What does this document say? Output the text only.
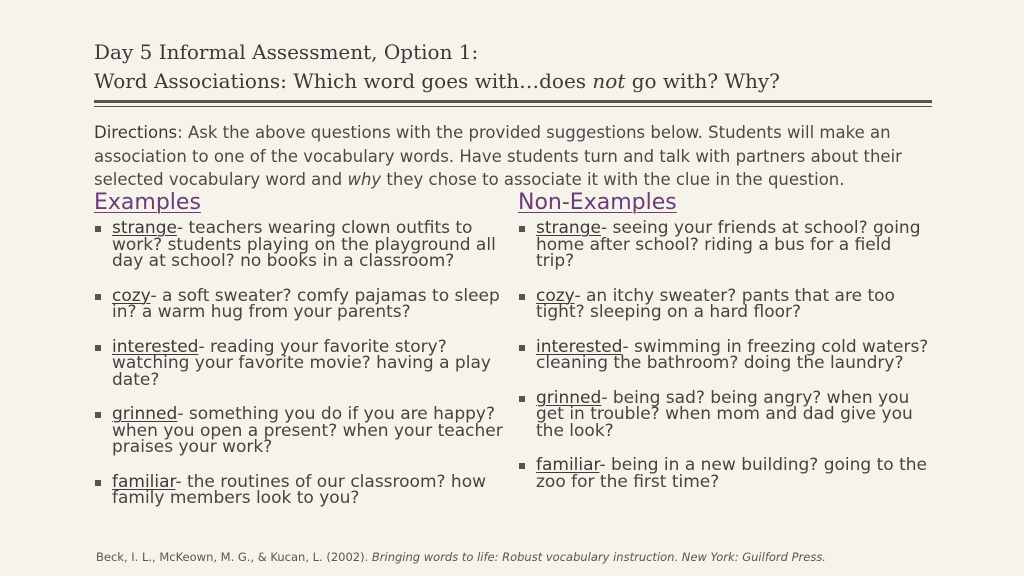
Day 5 Informal Assessment, Option 1:
Word Associations: Which word goes with…does not go with? Why?
Directions: Ask the above questions with the provided suggestions below. Students will make an association to one of the vocabulary words. Have students turn and talk with partners about their selected vocabulary word and why they chose to associate it with the clue in the question.
Examples	Non-Examples
strange- teachers wearing clown outfits to work? students playing on the playground all day at school? no books in a classroom?
cozy- a soft sweater? comfy pajamas to sleep in? a warm hug from your parents?
interested- reading your favorite story? watching your favorite movie? having a play date?
grinned- something you do if you are happy? when you open a present? when your teacher praises your work?
familiar- the routines of our classroom? how family members look to you?
strange- seeing your friends at school? going home after school? riding a bus for a field trip?
cozy- an itchy sweater? pants that are too tight? sleeping on a hard floor?
interested- swimming in freezing cold waters? cleaning the bathroom? doing the laundry?
grinned- being sad? being angry? when you get in trouble? when mom and dad give you the look?
familiar- being in a new building? going to the zoo for the first time?
Beck, I. L., McKeown, M. G., & Kucan, L. (2002). Bringing words to life: Robust vocabulary instruction. New York: Guilford Press.
